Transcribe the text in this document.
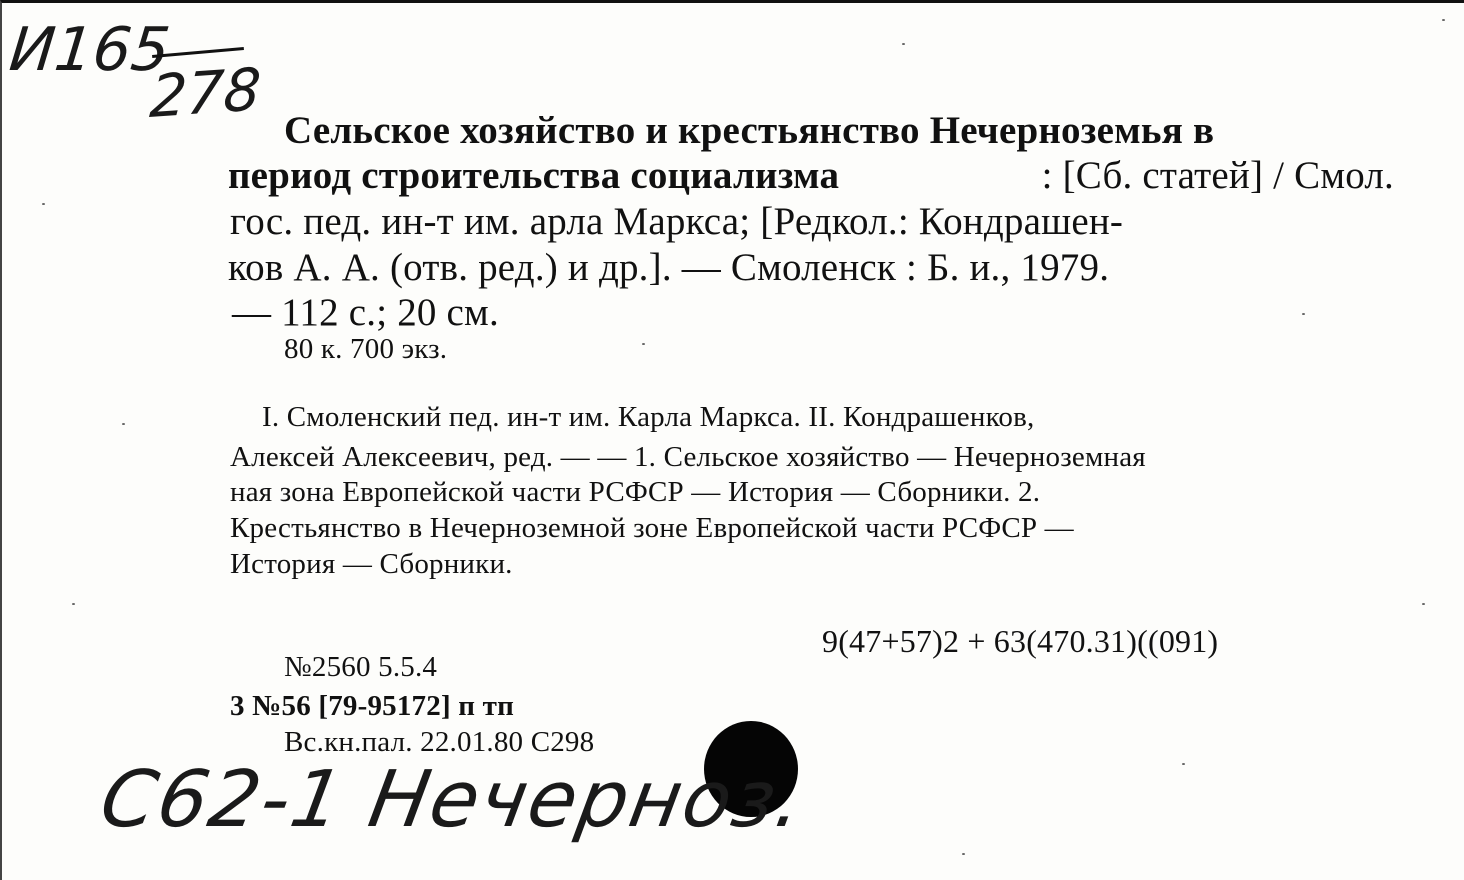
И165
278 Сельское хозяйство и крестьянство Нечерноземья в
период строительства социализма	: [Сб. статей] / Смол.
гос. пед. ин-т им. арла Маркса; [Редкол.: Кондрашен-
ков А. А. (отв. ред.) и др.]. — Смоленск : Б. и., 1979.
— 112 с.; 20 см.
80 к. 700 экз.
I. Смоленский пед. ин-т им. Карла Маркса. II. Кондрашенков,
Алексей Алексеевич, ред. — — 1. Сельское хозяйство — Нечерноземная
ная зона Европейской части РСФСР — История — Сборники. 2.
Крестьянство в Нечерноземной зоне Европейской части РСФСР —
История — Сборники.
9(47+57)2 + 63(470.31)((091)
№2560 5.5.4
3 №56 [79-95172] п тп
Вс.кн.пал. 22.01.80 С298
С62-1 Нечерноз.
